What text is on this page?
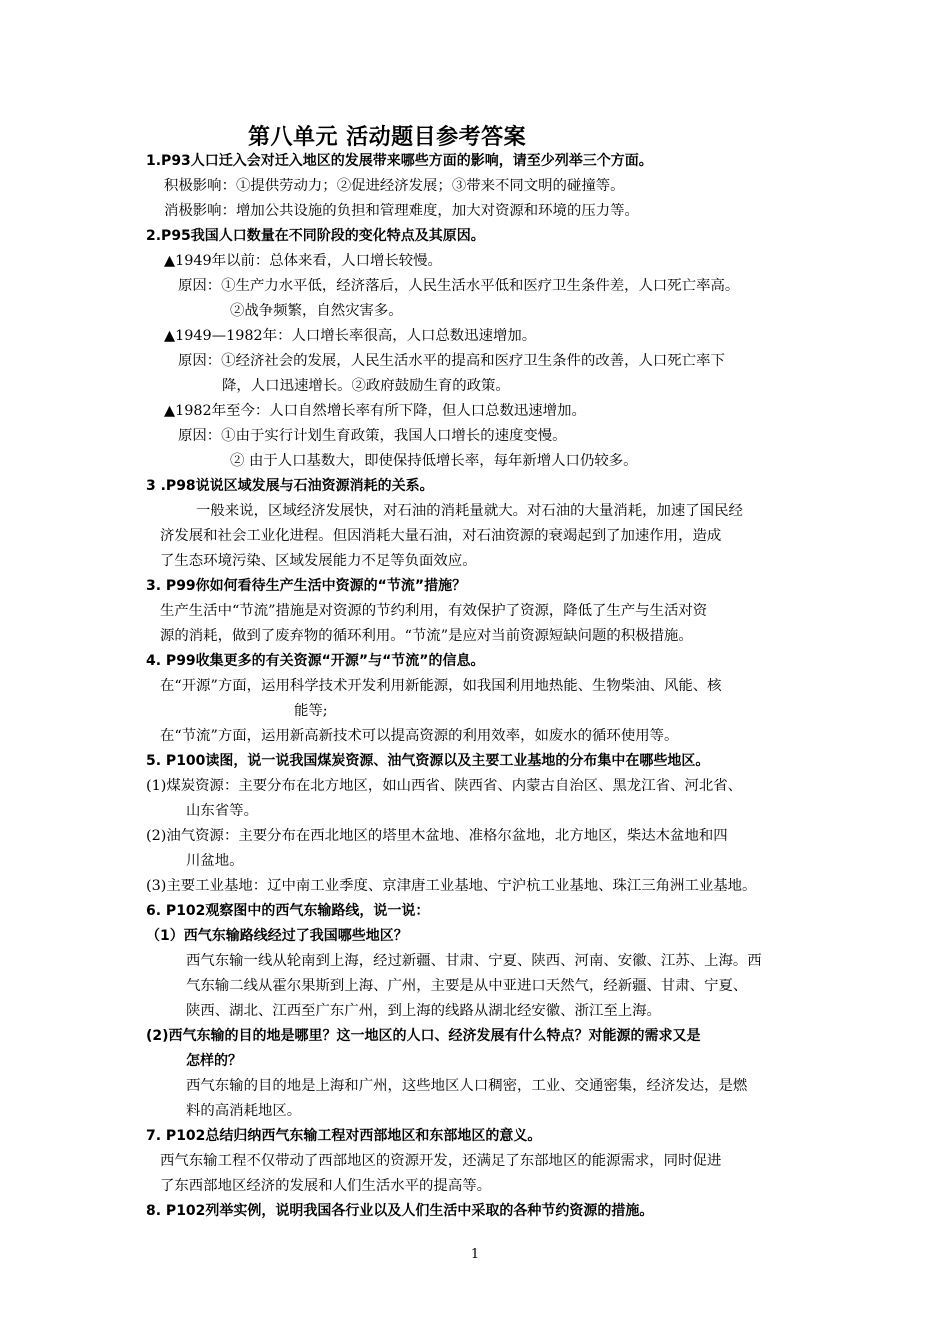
第八单元 活动题目参考答案
1.P93人口迁入会对迁入地区的发展带来哪些方面的影响，请至少列举三个方面。
积极影响：①提供劳动力；②促进经济发展；③带来不同文明的碰撞等。
消极影响：增加公共设施的负担和管理难度，加大对资源和环境的压力等。
2.P95我国人口数量在不同阶段的变化特点及其原因。
▲1949年以前：总体来看，人口增长较慢。
原因：①生产力水平低，经济落后，人民生活水平低和医疗卫生条件差，人口死亡率高。
②战争频繁，自然灾害多。
▲1949—1982年：人口增长率很高，人口总数迅速增加。
原因：①经济社会的发展，人民生活水平的提高和医疗卫生条件的改善，人口死亡率下
降，人口迅速增长。②政府鼓励生育的政策。
▲1982年至今：人口自然增长率有所下降，但人口总数迅速增加。
原因：①由于实行计划生育政策，我国人口增长的速度变慢。
② 由于人口基数大，即使保持低增长率，每年新增人口仍较多。
3 .P98说说区域发展与石油资源消耗的关系。
一般来说，区域经济发展快，对石油的消耗量就大。对石油的大量消耗，加速了国民经
济发展和社会工业化进程。但因消耗大量石油，对石油资源的衰竭起到了加速作用，造成
了生态环境污染、区域发展能力不足等负面效应。
3. P99你如何看待生产生活中资源的“节流”措施？
生产生活中“节流”措施是对资源的节约利用，有效保护了资源，降低了生产与生活对资
源的消耗，做到了废弃物的循环利用。“节流”是应对当前资源短缺问题的积极措施。
4. P99收集更多的有关资源“开源”与“节流”的信息。
在“开源”方面，运用科学技术开发利用新能源，如我国利用地热能、生物柴油、风能、核
能等;
在“节流”方面，运用新高新技术可以提高资源的利用效率，如废水的循环使用等。
5. P100读图，说一说我国煤炭资源、油气资源以及主要工业基地的分布集中在哪些地区。
(1)煤炭资源：主要分布在北方地区，如山西省、陕西省、内蒙古自治区、黑龙江省、河北省、
山东省等。
(2)油气资源：主要分布在西北地区的塔里木盆地、准格尔盆地，北方地区，柴达木盆地和四
川盆地。
(3)主要工业基地：辽中南工业季度、京津唐工业基地、宁沪杭工业基地、珠江三角洲工业基地。
6. P102观察图中的西气东输路线，说一说：
（1）西气东输路线经过了我国哪些地区？
西气东输一线从轮南到上海，经过新疆、甘肃、宁夏、陕西、河南、安徽、江苏、上海。西
气东输二线从霍尔果斯到上海、广州，主要是从中亚进口天然气，经新疆、甘肃、宁夏、
陕西、湖北、江西至广东广州，到上海的线路从湖北经安徽、浙江至上海。
(2)西气东输的目的地是哪里？这一地区的人口、经济发展有什么特点？对能源的需求又是
怎样的？
西气东输的目的地是上海和广州，这些地区人口稠密，工业、交通密集，经济发达，是燃
料的高消耗地区。
7. P102总结归纳西气东输工程对西部地区和东部地区的意义。
西气东输工程不仅带动了西部地区的资源开发，还满足了东部地区的能源需求，同时促进
了东西部地区经济的发展和人们生活水平的提高等。
8. P102列举实例，说明我国各行业以及人们生活中采取的各种节约资源的措施。
1
